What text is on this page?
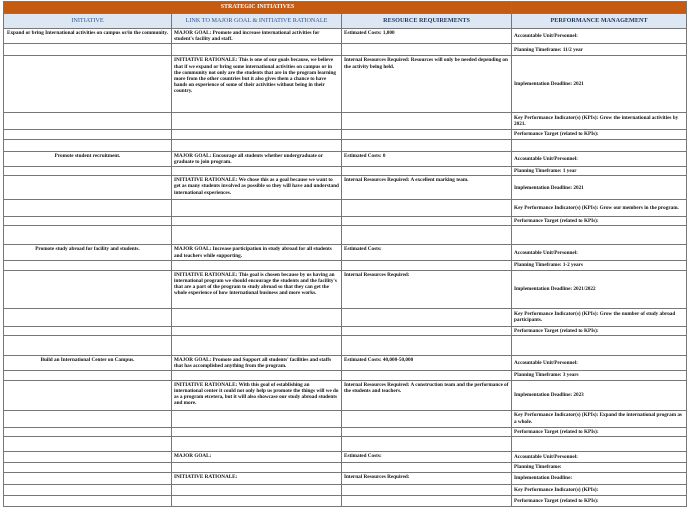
STRATEGIC INITIATIVES			
INITIATIVE	LINK TO MAJOR GOAL & INITIATIVE RATIONALE	RESOURCE REQUIREMENTS	PERFORMANCE MANAGEMENT
Expand or bring International activities on campus or/in the community.	MAJOR GOAL: Promote and increase international activities for student's facility and staff.	Estimated Costs: 1,000	Accountable Unit/Personnel:
			Planning Timeframe: 11/2 year
	INITIATIVE RATIONALE: This is one of our goals because, we believe that if we expand or bring some international activities on campus or in the community not only are the students that are in the program learning more from the other countries but it also gives them a chance to have hands on experience of some of their activities without being in their country.	Internal Resources Required: Resources will only be needed depending on the activity being held.	Implementation Deadline: 2021
			Key Performance Indicator(s) (KPIs): Grow the international activities by 2021.
			Performance Target (related to KPIs):

Promote student recruitment.	MAJOR GOAL: Encourage all students whether undergraduate or graduate to join program.	Estimated Costs: 0	Accountable Unit/Personnel:
			Planning Timeframe: 1 year
	INITIATIVE RATIONALE: We chose this as a goal because we want to get as many students involved as possible so they will have and understand international experiences.	Internal Resources Required: A excellent marking team.	Implementation Deadline: 2021
			Key Performance Indicator(s) (KPIs): Grow our members in the program.
			Performance Target (related to KPIs):

Promote study abroad for facility and students.	MAJOR GOAL: Increase participation in study abroad for all students and teachers while supporting.	Estimated Costs:	Accountable Unit/Personnel:
			Planning Timeframe: 1-2 years
	INITIATIVE RATIONALE: This goal is chosen because by us having an international program we should encourage the students and the facility's that are a part of the program to study abroad so that they can get the whole experience of how international business and more works.	Internal Resources Required:	Implementation Deadline: 2021/2022
			Key Performance Indicator(s) (KPIs): Grow the number of study abroad participants.
			Performance Target (related to KPIs):

Build an International Center on Campus.	MAJOR GOAL: Promote and Support all students' facilities and staffs that has accomplished anything from the program.	Estimated Costs: 40,000-50,000	Accountable Unit/Personnel:
			Planning Timeframe: 3 years
	INITIATIVE RATIONALE: With this goal of establishing an international center it could not only help us promote the things will we do as a program etcetera, but it will also showcase our study abroad students and more.	Internal Resources Required: A construction team and the performance of the students and teachers.	Implementation Deadline: 2023
			Key Performance Indicator(s) (KPIs): Expand the international program as a whole.
			Performance Target (related to KPIs):

	MAJOR GOAL:	Estimated Costs:	Accountable Unit/Personnel:
			Planning Timeframe:
	INITIATIVE RATIONALE:	Internal Resources Required:	Implementation Deadline:
			Key Performance Indicator(s) (KPIs):
			Performance Target (related to KPIs):
